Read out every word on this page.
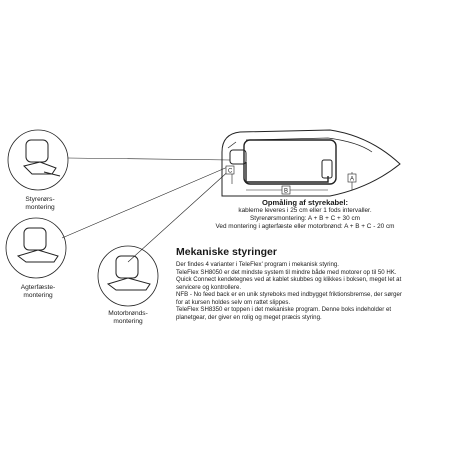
C
B
A
Styrerørs-
montering
Agterfæste-
montering
Motorbrønds-
montering
Opmåling af styrekabel:
kablerne leveres i 25 cm eller 1 fods intervaller.
Styrerørsmontering: A + B + C + 30 cm
Ved montering i agterfæste eller motorbrønd: A + B + C - 20 cm
Mekaniske styringer

Der findes 4 varianter i TeleFlex' program i mekanisk styring.

TeleFlex SH8050 er det mindste system til mindre både med motorer op til 50 HK.

Quick Connect kendetegnes ved at kablet skubbes og klikkes i boksen, meget let at

servicere og kontrollere.

NFB - No feed back er en unik styreboks med indbygget friktionsbremse, der sørger

for at kursen holdes selv om rattet slippes.

TeleFlex SH8350 er toppen i det mekaniske program. Denne boks indeholder et

planetgear, der giver en rolig og meget præcis styring.
